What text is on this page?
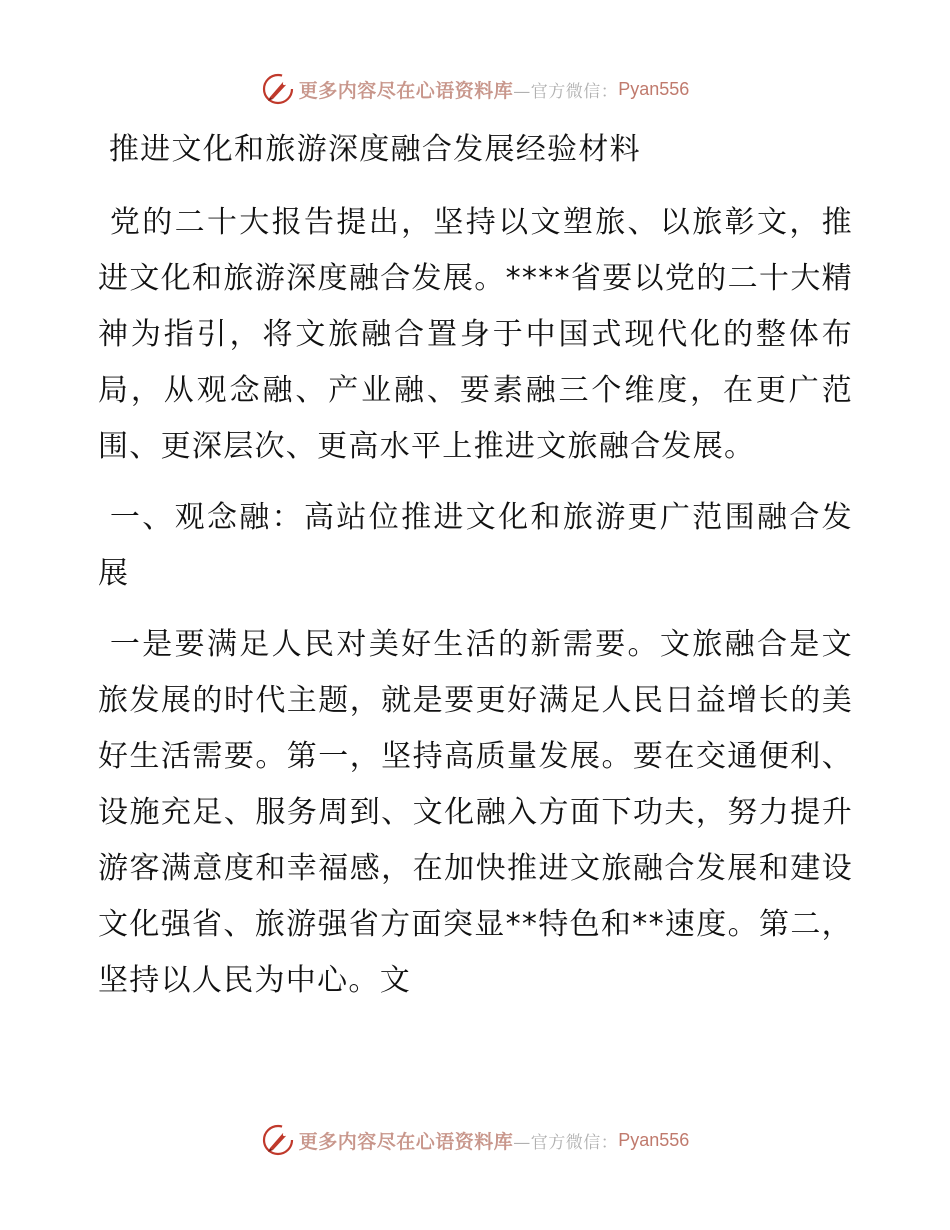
更多内容尽在心语资料库 —官方微信： Pyan556

推进文化和旅游深度融合发展经验材料

党的二十大报告提出，坚持以文塑旅、以旅彰文，推进文化和旅游深度融合发展。****省要以党的二十大精神为指引，将文旅融合置身于中国式现代化的整体布局，从观念融、产业融、要素融三个维度，在更广范围、更深层次、更高水平上推进文旅融合发展。

一、观念融：高站位推进文化和旅游更广范围融合发展

一是要满足人民对美好生活的新需要。文旅融合是文旅发展的时代主题，就是要更好满足人民日益增长的美好生活需要。第一，坚持高质量发展。要在交通便利、设施充足、服务周到、文化融入方面下功夫，努力提升游客满意度和幸福感，在加快推进文旅融合发展和建设文化强省、旅游强省方面突显**特色和**速度。第二，坚持以人民为中心。文

更多内容尽在心语资料库 —官方微信： Pyan556
